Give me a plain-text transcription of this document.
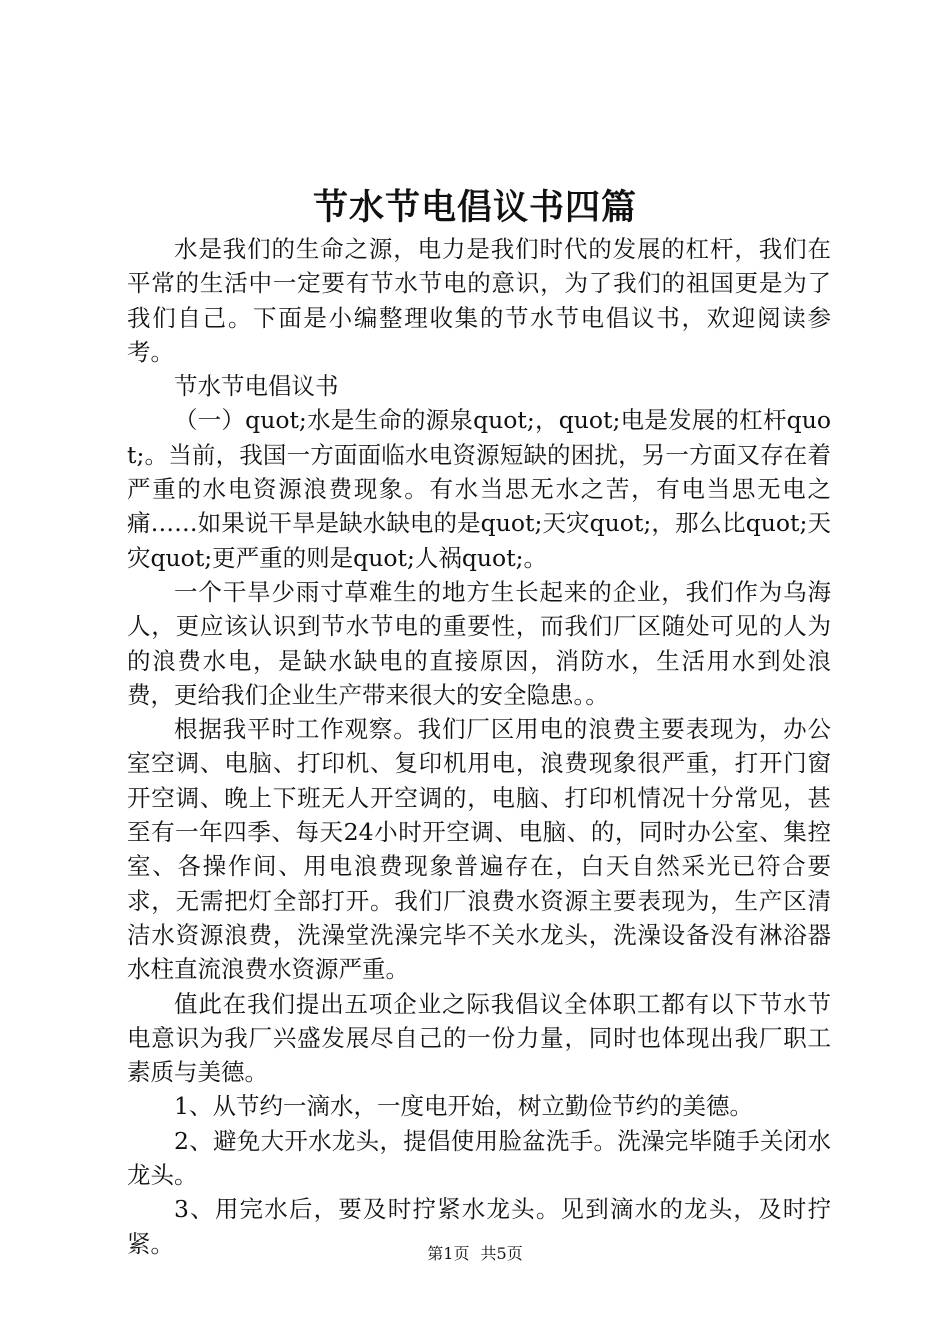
节水节电倡议书四篇

水是我们的生命之源，电力是我们时代的发展的杠杆，我们在平常的生活中一定要有节水节电的意识，为了我们的祖国更是为了我们自己。下面是小编整理收集的节水节电倡议书，欢迎阅读参考。

节水节电倡议书

（一）quot;水是生命的源泉quot;，quot;电是发展的杠杆quot;。当前，我国一方面面临水电资源短缺的困扰，另一方面又存在着严重的水电资源浪费现象。有水当思无水之苦，有电当思无电之痛……如果说干旱是缺水缺电的是quot;天灾quot;，那么比quot;天灾quot;更严重的则是quot;人祸quot;。

一个干旱少雨寸草难生的地方生长起来的企业，我们作为乌海人，更应该认识到节水节电的重要性，而我们厂区随处可见的人为的浪费水电，是缺水缺电的直接原因，消防水，生活用水到处浪费，更给我们企业生产带来很大的安全隐患。。

根据我平时工作观察。我们厂区用电的浪费主要表现为，办公室空调、电脑、打印机、复印机用电，浪费现象很严重，打开门窗开空调、晚上下班无人开空调的，电脑、打印机情况十分常见，甚至有一年四季、每天24小时开空调、电脑、的，同时办公室、集控室、各操作间、用电浪费现象普遍存在，白天自然采光已符合要求，无需把灯全部打开。我们厂浪费水资源主要表现为，生产区清洁水资源浪费，洗澡堂洗澡完毕不关水龙头，洗澡设备没有淋浴器水柱直流浪费水资源严重。

值此在我们提出五项企业之际我倡议全体职工都有以下节水节电意识为我厂兴盛发展尽自己的一份力量，同时也体现出我厂职工素质与美德。

1、从节约一滴水，一度电开始，树立勤俭节约的美德。

2、避免大开水龙头，提倡使用脸盆洗手。洗澡完毕随手关闭水龙头。

3、用完水后，要及时拧紧水龙头。见到滴水的龙头，及时拧紧。	第1页 共5页
